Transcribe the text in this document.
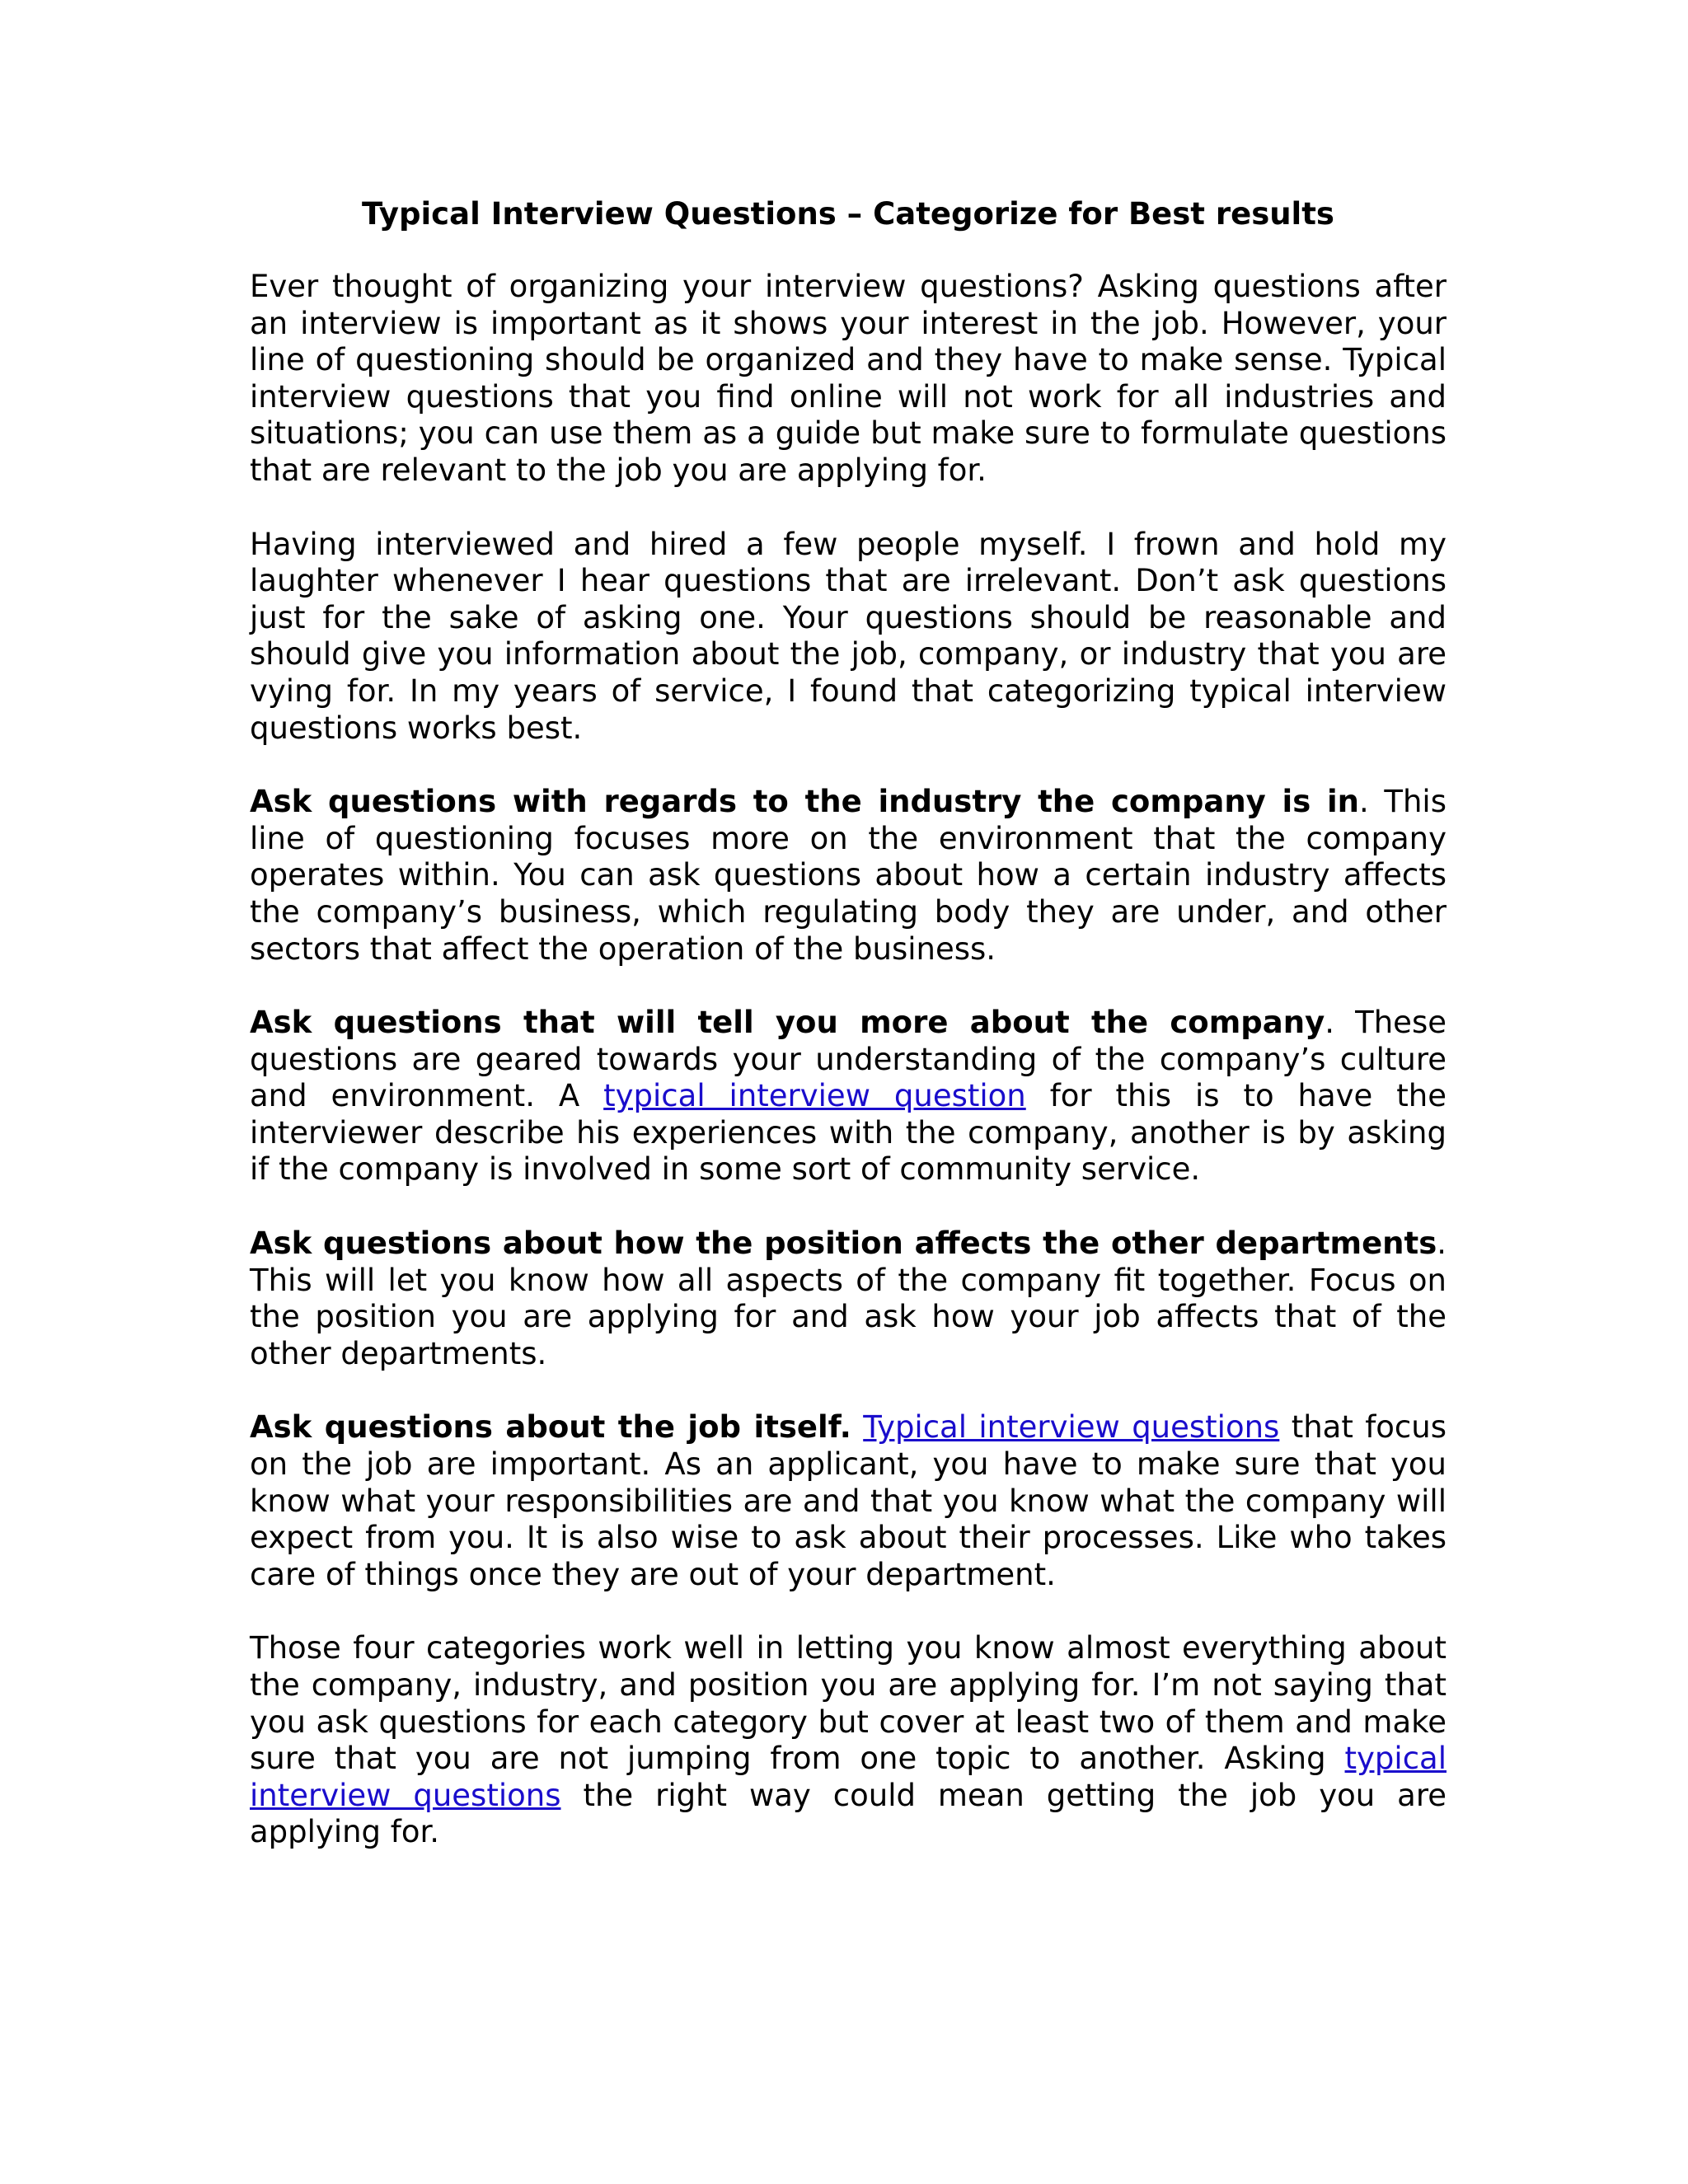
Typical Interview Questions – Categorize for Best results

Ever thought of organizing your interview questions? Asking questions after an interview is important as it shows your interest in the job. However, your line of questioning should be organized and they have to make sense. Typical interview questions that you find online will not work for all industries and situations; you can use them as a guide but make sure to formulate questions that are relevant to the job you are applying for.

Having interviewed and hired a few people myself. I frown and hold my laughter whenever I hear questions that are irrelevant. Don’t ask questions just for the sake of asking one. Your questions should be reasonable and should give you information about the job, company, or industry that you are vying for. In my years of service, I found that categorizing typical interview questions works best.

Ask questions with regards to the industry the company is in. This line of questioning focuses more on the environment that the company operates within. You can ask questions about how a certain industry affects the company’s business, which regulating body they are under, and other sectors that affect the operation of the business.

Ask questions that will tell you more about the company. These questions are geared towards your understanding of the company’s culture and environment. A typical interview question for this is to have the interviewer describe his experiences with the company, another is by asking if the company is involved in some sort of community service.

Ask questions about how the position affects the other departments. This will let you know how all aspects of the company fit together. Focus on the position you are applying for and ask how your job affects that of the other departments.

Ask questions about the job itself. Typical interview questions that focus on the job are important. As an applicant, you have to make sure that you know what your responsibilities are and that you know what the company will expect from you. It is also wise to ask about their processes. Like who takes care of things once they are out of your department.

Those four categories work well in letting you know almost everything about the company, industry, and position you are applying for. I’m not saying that you ask questions for each category but cover at least two of them and make sure that you are not jumping from one topic to another. Asking typical interview questions the right way could mean getting the job you are applying for.
